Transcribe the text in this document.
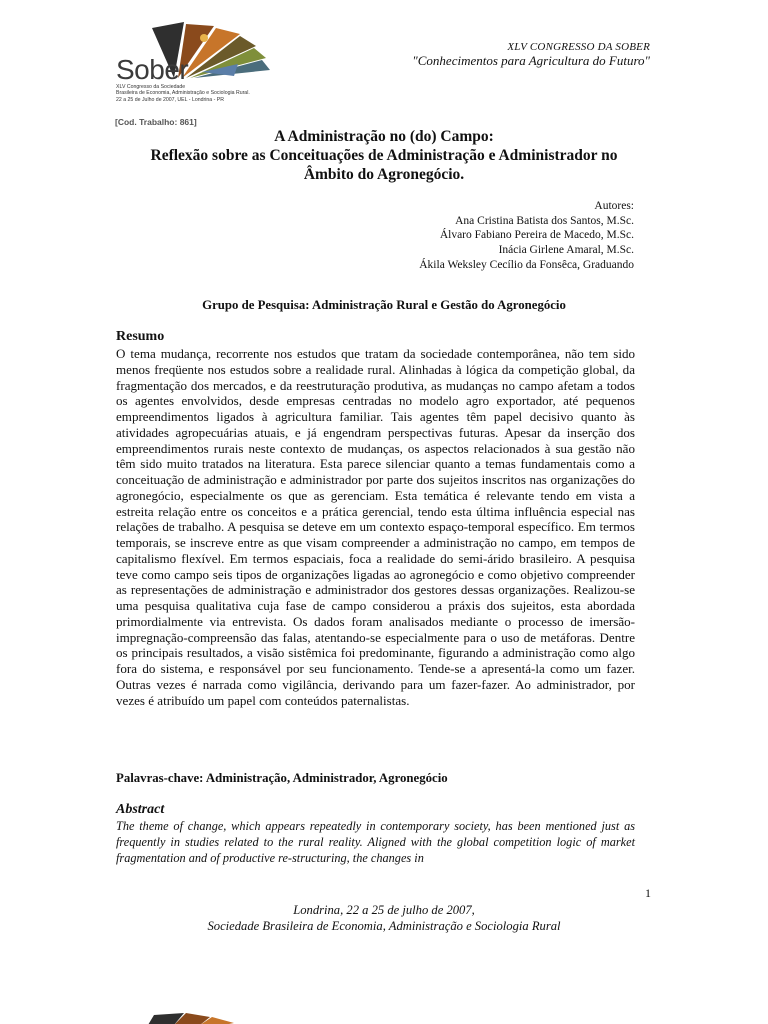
Sober
XLV Congresso da Sociedade
Brasileira de Economia, Administração e Sociologia Rural.
22 a 25 de Julho de 2007, UEL - Londrina - PR
XLV CONGRESSO DA SOBER
"Conhecimentos para Agricultura do Futuro"
[Cod. Trabalho: 861]
A Administração no (do) Campo:
Reflexão sobre as Conceituações de Administração e Administrador no
Âmbito do Agronegócio.
Autores:
Ana Cristina Batista dos Santos, M.Sc.
Álvaro Fabiano Pereira de Macedo, M.Sc.
Inácia Girlene Amaral, M.Sc.
Ákila Weksley Cecílio da Fonsêca, Graduando
Grupo de Pesquisa: Administração Rural e Gestão do Agronegócio
Resumo

O tema mudança, recorrente nos estudos que tratam da sociedade contemporânea, não tem sido menos freqüente nos estudos sobre a realidade rural. Alinhadas à lógica da competição global, da fragmentação dos mercados, e da reestruturação produtiva, as mudanças no campo afetam a todos os agentes envolvidos, desde empresas centradas no modelo agro exportador, até pequenos empreendimentos ligados à agricultura familiar. Tais agentes têm papel decisivo quanto às atividades agropecuárias atuais, e já engendram perspectivas futuras. Apesar da inserção dos empreendimentos rurais neste contexto de mudanças, os aspectos relacionados à sua gestão não têm sido muito tratados na literatura. Esta parece silenciar quanto a temas fundamentais como a conceituação de administração e administrador por parte dos sujeitos inscritos nas organizações do agronegócio, especialmente os que as gerenciam. Esta temática é relevante tendo em vista a estreita relação entre os conceitos e a prática gerencial, tendo esta última influência especial nas relações de trabalho. A pesquisa se deteve em um contexto espaço-temporal específico. Em termos temporais, se inscreve entre as que visam compreender a administração no campo, em tempos de capitalismo flexível. Em termos espaciais, foca a realidade do semi-árido brasileiro. A pesquisa teve como campo seis tipos de organizações ligadas ao agronegócio e como objetivo compreender as representações de administração e administrador dos gestores dessas organizações. Realizou-se uma pesquisa qualitativa cuja fase de campo considerou a práxis dos sujeitos, esta abordada primordialmente via entrevista. Os dados foram analisados mediante o processo de imersão-impregnação-compreensão das falas, atentando-se especialmente para o uso de metáforas. Dentre os principais resultados, a visão sistêmica foi predominante, figurando a administração como algo fora do sistema, e responsável por seu funcionamento. Tende-se a apresentá-la como um fazer. Outras vezes é narrada como vigilância, derivando para um fazer-fazer. Ao administrador, por vezes é atribuído um papel com conteúdos paternalistas.

Palavras-chave: Administração, Administrador, Agronegócio
Abstract

The theme of change, which appears repeatedly in contemporary society, has been mentioned just as frequently in studies related to the rural reality. Aligned with the global competition logic of market fragmentation and of productive re-structuring, the changes in

1
Londrina, 22 a 25 de julho de 2007,
Sociedade Brasileira de Economia, Administração e Sociologia Rural
